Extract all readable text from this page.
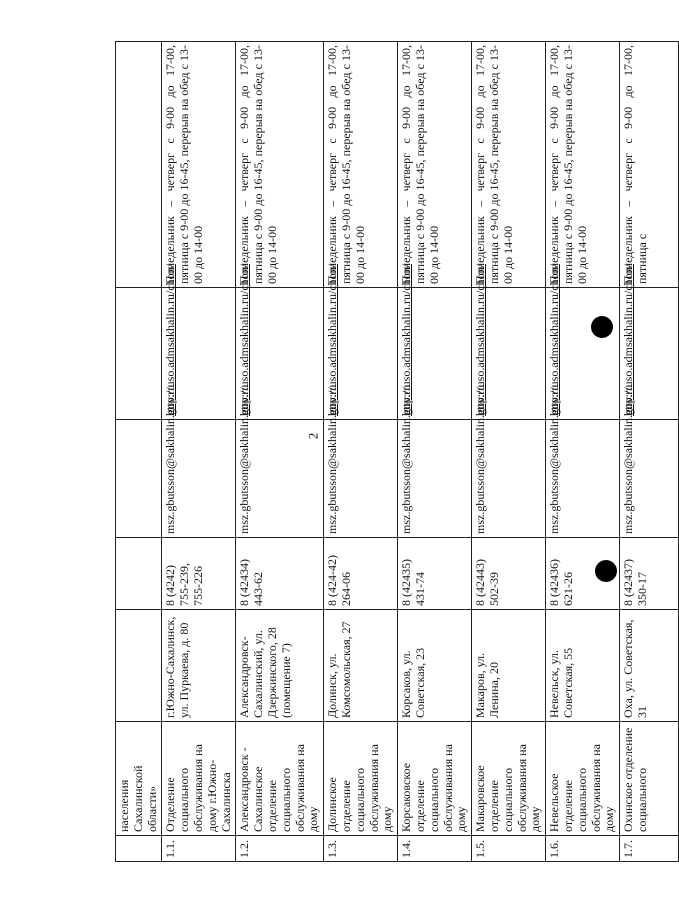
2
	населения Сахалинской области»					
1.1.	Отделение социального обслуживания на дому г.Южно-Сахалинска	г.Южно-Сахалинск, ул. Пуркаева, д. 80	8 (4242) 755-239, 755-226	msz.gbutsson@sakhalin.gov.ru	http://uso.admsakhalin.ru/chon/	Понедельник – четверг с 9-00 до 17-00, пятница с 9-00 до 16-45, перерыв на обед с 13-00 до 14-00
1.2.	Александровск - Сахалинское отделение социального обслуживания на дому	Александровск-Сахалинский, ул. Дзержинского, 28 (помещение 7)	8 (42434) 443-62	msz.gbutsson@sakhalin.gov.ru	http://uso.admsakhalin.ru/chon/	Понедельник – четверг с 9-00 до 17-00, пятница с 9-00 до 16-45, перерыв на обед с 13-00 до 14-00
1.3.	Долинское отделение социального обслуживания на дому	Долинск, ул. Комсомольская, 27	8 (424-42) 264-06	msz.gbutsson@sakhalin.gov.ru	http://uso.admsakhalin.ru/chon/	Понедельник – четверг с 9-00 до 17-00, пятница с 9-00 до 16-45, перерыв на обед с 13-00 до 14-00
1.4.	Корсаковское отделение социального обслуживания на дому	Корсаков, ул. Советская, 23	8 (42435) 431-74	msz.gbutsson@sakhalin.gov.ru	http://uso.admsakhalin.ru/chon/	Понедельник – четверг с 9-00 до 17-00, пятница с 9-00 до 16-45, перерыв на обед с 13-00 до 14-00
1.5.	Макаровское отделение социального обслуживания на дому	Макаров, ул. Ленина, 20	8 (42443) 502-39	msz.gbutsson@sakhalin.gov.ru	http://uso.admsakhalin.ru/chon/	Понедельник – четверг с 9-00 до 17-00, пятница с 9-00 до 16-45, перерыв на обед с 13-00 до 14-00
1.6.	Невельское отделение социального обслуживания на дому	Невельск, ул. Советская, 55	8 (42436) 621-26	msz.gbutsson@sakhalin.gov.ru	http://uso.admsakhalin.ru/chon/	Понедельник – четверг с 9-00 до 17-00, пятница с 9-00 до 16-45, перерыв на обед с 13-00 до 14-00
1.7.	Охинское отделение социального	Оха, ул. Советская, 31	8 (42437) 350-17	msz.gbutsson@sakhalin.gov.ru	http://uso.admsakhalin.ru/chon/	Понедельник – четверг с 9-00 до 17-00, пятница с
